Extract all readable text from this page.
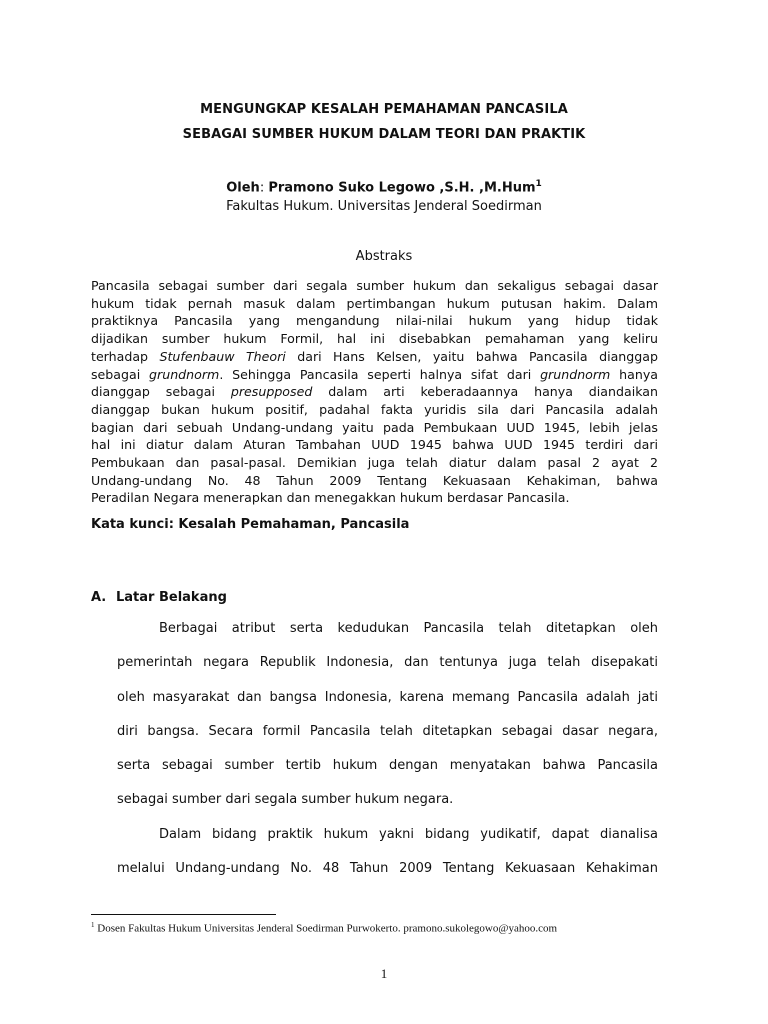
MENGUNGKAP KESALAH PEMAHAMAN PANCASILA
SEBAGAI SUMBER HUKUM DALAM TEORI DAN PRAKTIK
Oleh: Pramono Suko Legowo ,S.H. ,M.Hum$^1$
Fakultas Hukum. Universitas Jenderal Soedirman
Abstraks
Pancasila sebagai sumber dari segala sumber hukum dan sekaligus sebagai dasar
hukum tidak pernah masuk dalam pertimbangan hukum putusan hakim. Dalam
praktiknya Pancasila yang mengandung nilai-nilai hukum yang hidup tidak
dijadikan sumber hukum Formil, hal ini disebabkan pemahaman yang keliru
terhadap Stufenbauw Theori dari Hans Kelsen, yaitu bahwa Pancasila dianggap
sebagai grundnorm. Sehingga Pancasila seperti halnya sifat dari grundnorm hanya
dianggap sebagai presupposed dalam arti keberadaannya hanya diandaikan
dianggap bukan hukum positif, padahal fakta yuridis sila dari Pancasila adalah
bagian dari sebuah Undang-undang yaitu pada Pembukaan UUD 1945, lebih jelas
hal ini diatur dalam Aturan Tambahan UUD 1945 bahwa UUD 1945 terdiri dari
Pembukaan dan pasal-pasal. Demikian juga telah diatur dalam pasal 2 ayat 2
Undang-undang No. 48 Tahun 2009 Tentang Kekuasaan Kehakiman, bahwa
Peradilan Negara menerapkan dan menegakkan hukum berdasar Pancasila.
Kata kunci: Kesalah Pemahaman, Pancasila
A. Latar Belakang
Berbagai atribut serta kedudukan Pancasila telah ditetapkan oleh
pemerintah negara Republik Indonesia, dan tentunya juga telah disepakati
oleh masyarakat dan bangsa Indonesia, karena memang Pancasila adalah jati
diri bangsa. Secara formil Pancasila telah ditetapkan sebagai dasar negara,
serta sebagai sumber tertib hukum dengan menyatakan bahwa Pancasila
sebagai sumber dari segala sumber hukum negara.
Dalam bidang praktik hukum yakni bidang yudikatif, dapat dianalisa
melalui Undang-undang No. 48 Tahun 2009 Tentang Kekuasaan Kehakiman
$^1$ Dosen Fakultas Hukum Universitas Jenderal Soedirman Purwokerto. pramono.sukolegowo@yahoo.com
1
